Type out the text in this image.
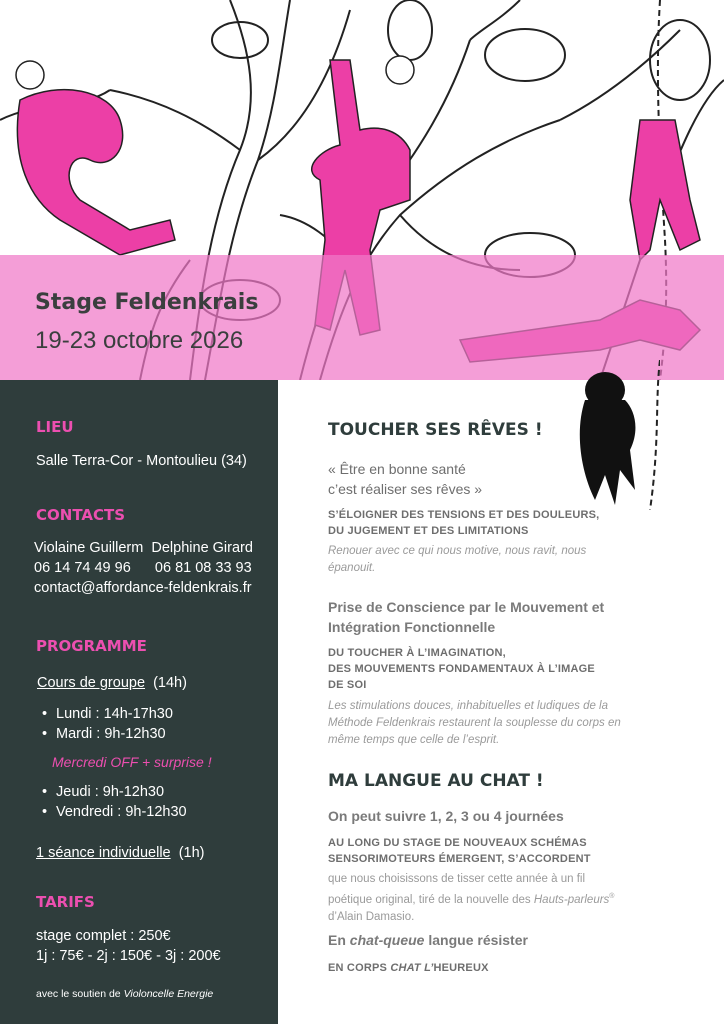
Stage Feldenkrais
19-23 octobre 2026
LIEU
Salle Terra-Cor - Montoulieu (34)
CONTACTS
Violaine Guillerm  Delphine Girard
06 14 74 49 96      06 81 08 33 93
contact@affordance-feldenkrais.fr
PROGRAMME
Cours de groupe (14h)
• Lundi : 14h-17h30
• Mardi : 9h-12h30
Mercredi OFF + surprise !
• Jeudi : 9h-12h30
• Vendredi : 9h-12h30
1 séance individuelle (1h)
TARIFS
stage complet : 250€
1j : 75€ - 2j : 150€ - 3j : 200€
avec le soutien de Violoncelle Energie
TOUCHER SES RÊVES !
« Être en bonne santé
c’est réaliser ses rêves »
S’ÉLOIGNER DES TENSIONS ET DES DOULEURS,
DU JUGEMENT ET DES LIMITATIONS
Renouer avec ce qui nous motive, nous ravit, nous épanouit.
Prise de Conscience par le Mouvement et
Intégration Fonctionnelle
DU TOUCHER À L’IMAGINATION,
DES MOUVEMENTS FONDAMENTAUX À L’IMAGE
DE SOI
Les stimulations douces, inhabituelles et ludiques de la Méthode Feldenkrais restaurent la souplesse du corps en même temps que celle de l’esprit.
MA LANGUE AU CHAT !
On peut suivre 1, 2, 3 ou 4 journées
AU LONG DU STAGE DE NOUVEAUX SCHÉMAS
SENSORIMOTEURS ÉMERGENT, S’ACCORDENT
que nous choisissons de tisser cette année à un fil poétique original, tiré de la nouvelle des Hauts-parleurs® d’Alain Damasio.
En chat-queue langue résister
EN CORPS CHAT L’HEUREUX
